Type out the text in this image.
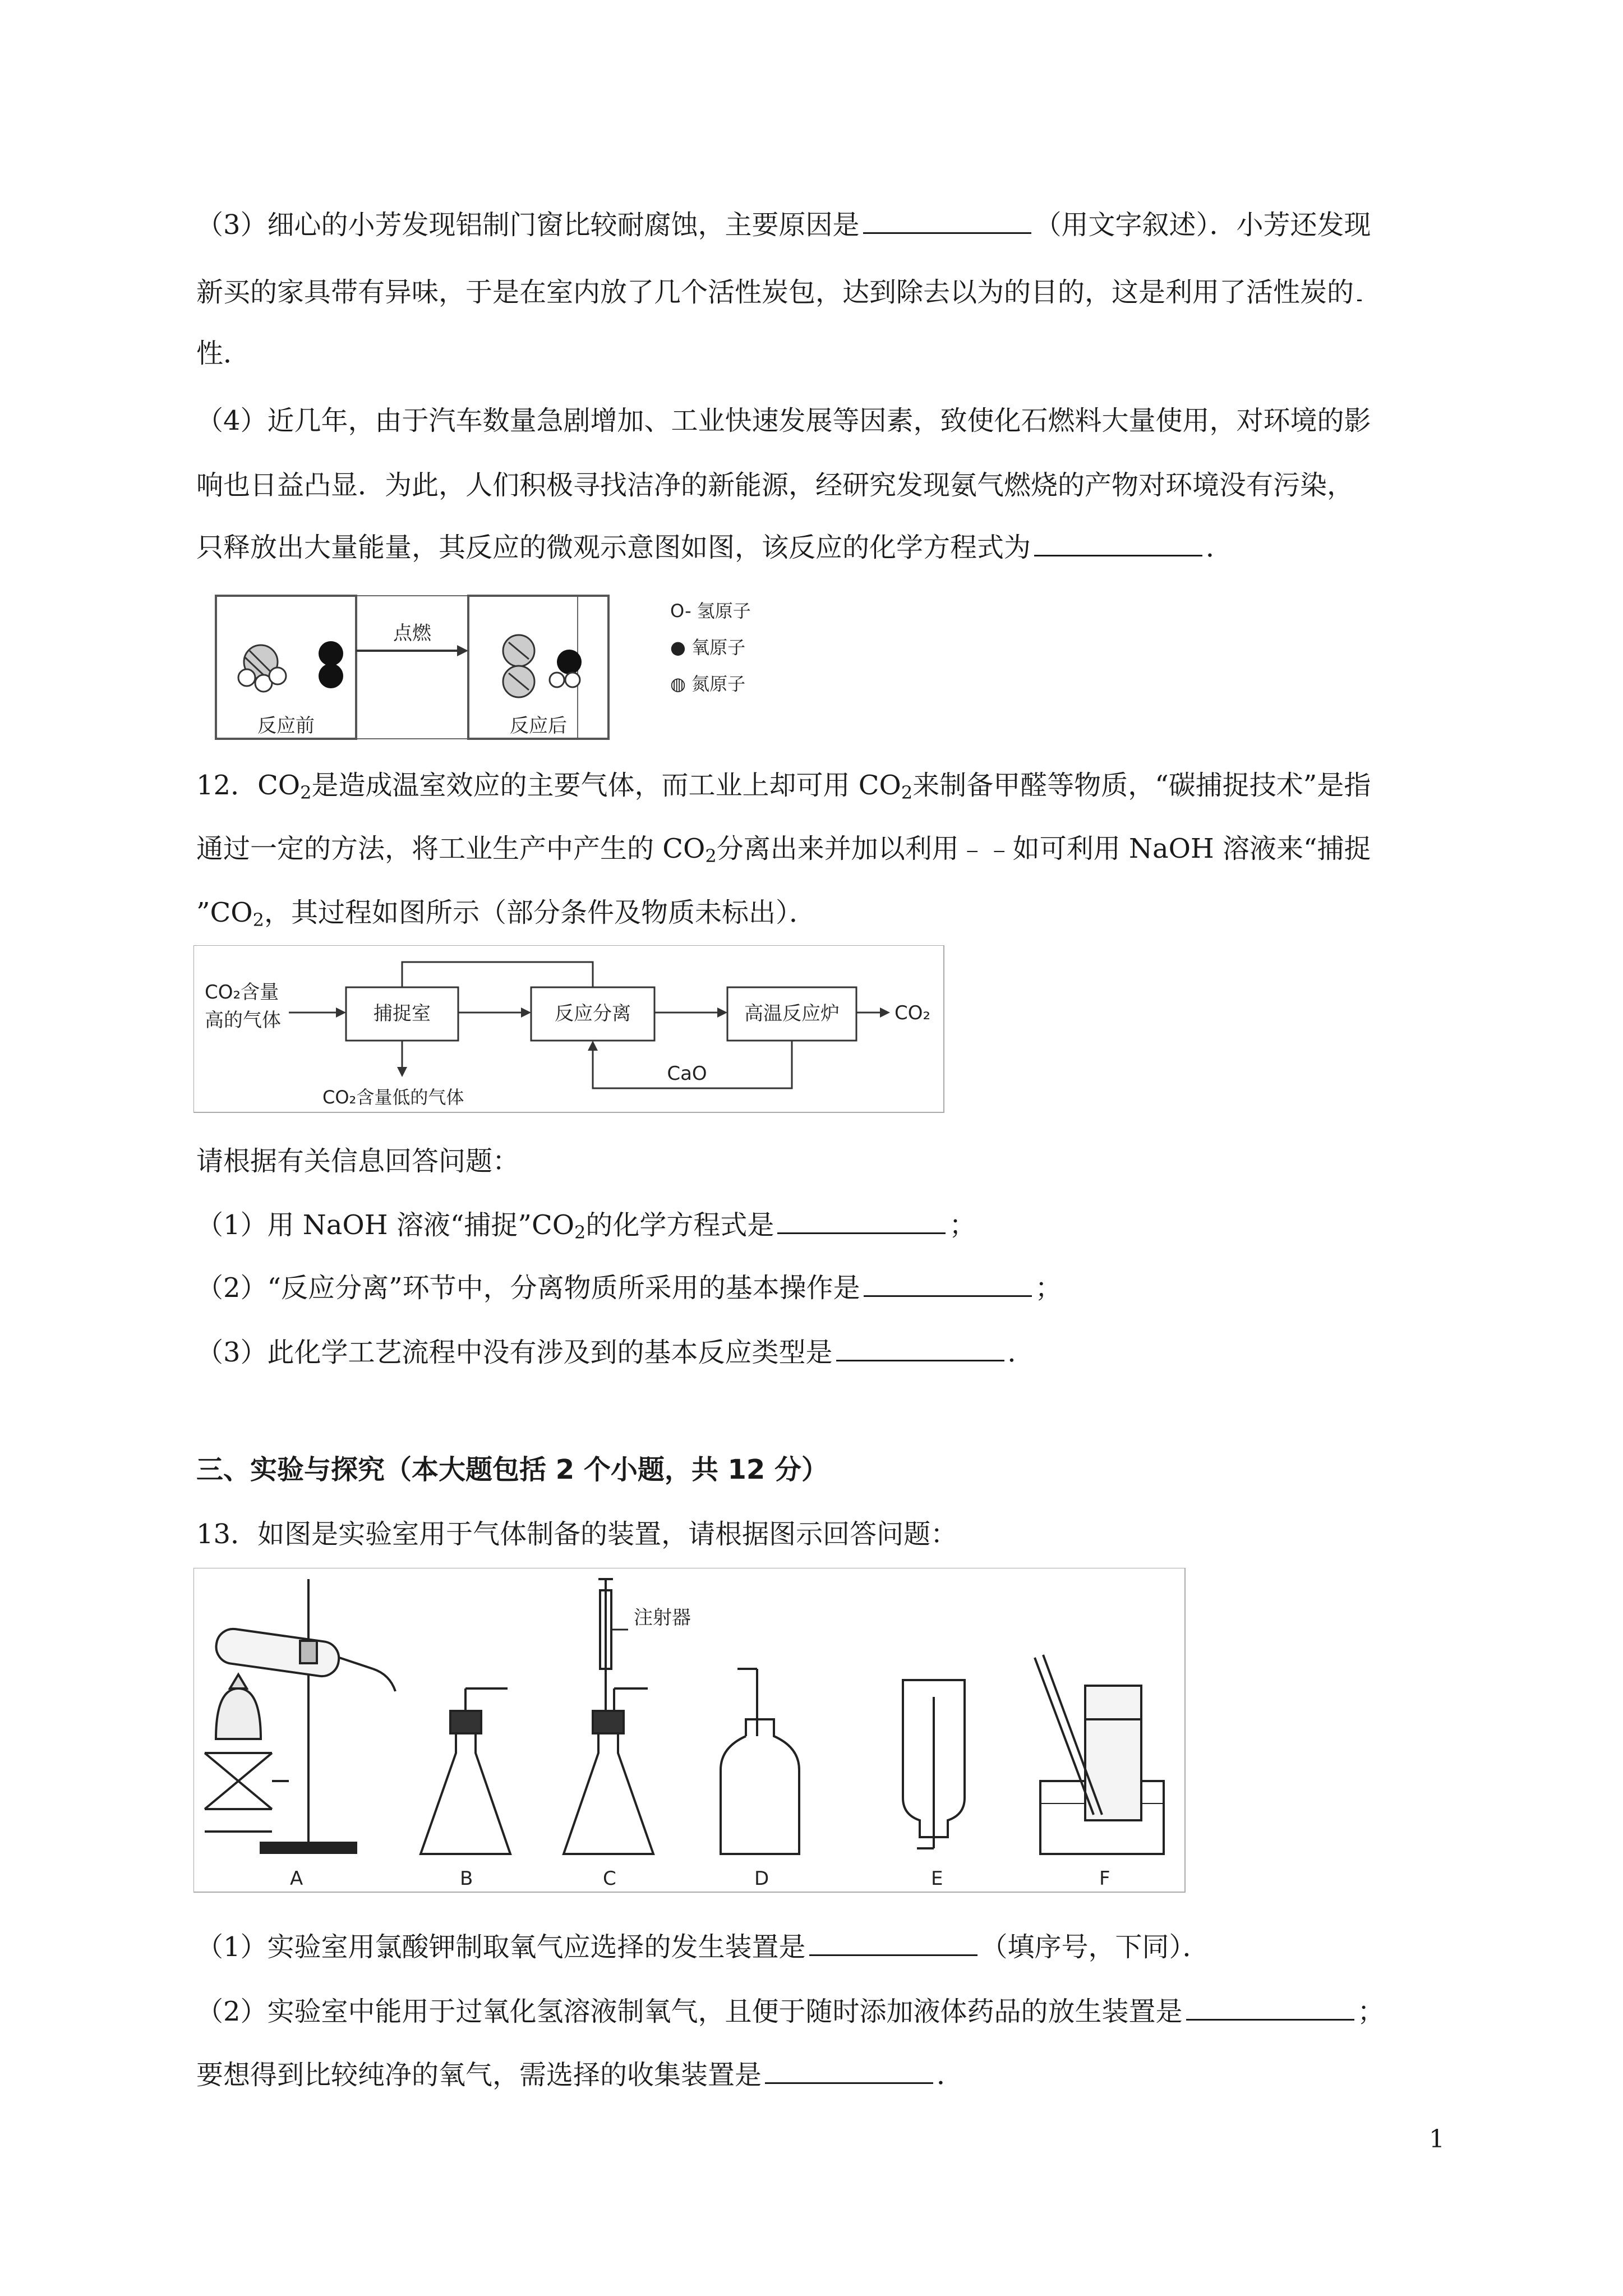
（3）细心的小芳发现铝制门窗比较耐腐蚀，主要原因是	（用文字叙述）．小芳还发现
新买的家具带有异味，于是在室内放了几个活性炭包，达到除去以为的目的，这是利用了活性炭的
性．
（4）近几年，由于汽车数量急剧增加、工业快速发展等因素，致使化石燃料大量使用，对环境的影
响也日益凸显．为此，人们积极寻找洁净的新能源，经研究发现氨气燃烧的产物对环境没有污染，
只释放出大量能量，其反应的微观示意图如图，该反应的化学方程式为	．
点燃
反应前	反应后
O- 氢原子
● 氧原子
◍ 氮原子
12．$CO_2$是造成温室效应的主要气体，而工业上却可用 $CO_2$来制备甲醛等物质，“碳捕捉技术”是指
通过一定的方法，将工业生产中产生的 $CO_2$分离出来并加以利用﹣﹣如可利用 NaOH 溶液来“捕捉
$”CO_2$，其过程如图所示（部分条件及物质未标出）．
CO₂含量
高的气体	捕捉室	反应分离	高温反应炉	CO₂
CaO
CO₂含量低的气体
请根据有关信息回答问题：
（1）用 NaOH 溶液“捕捉$”CO_2$的化学方程式是	；
（2）“反应分离”环节中，分离物质所采用的基本操作是	；
（3）此化学工艺流程中没有涉及到的基本反应类型是	．
三、实验与探究（本大题包括 2 个小题，共 12 分）
13．如图是实验室用于气体制备的装置，请根据图示回答问题：
注射器
A	B	C	D	E	F
（1）实验室用氯酸钾制取氧气应选择的发生装置是	（填序号，下同）．
（2）实验室中能用于过氧化氢溶液制氧气，且便于随时添加液体药品的放生装置是	；
要想得到比较纯净的氧气，需选择的收集装置是	．
1
